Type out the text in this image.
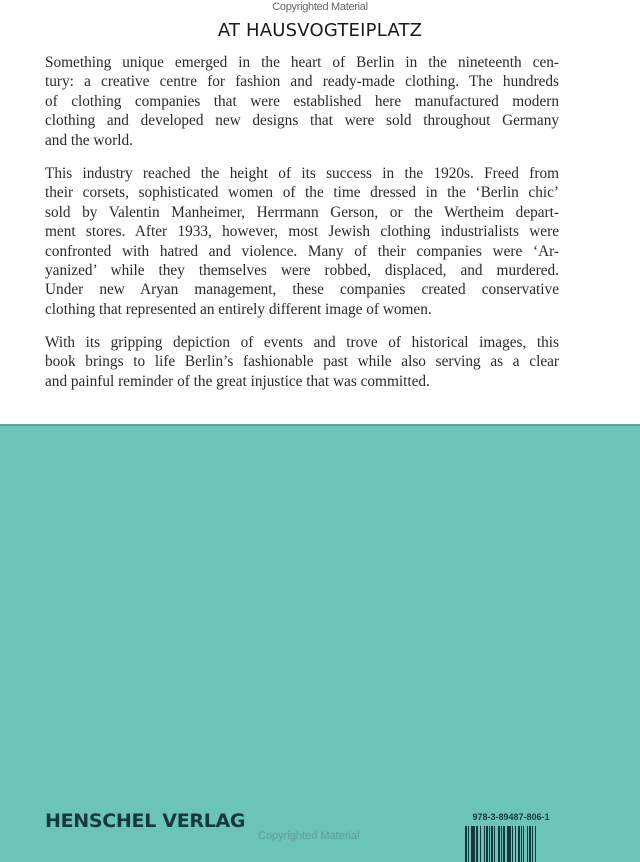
Copyrighted Material
AT HAUSVOGTEIPLATZ
Something unique emerged in the heart of Berlin in the nineteenth cen-
tury: a creative centre for fashion and ready-made clothing. The hundreds
of clothing companies that were established here manufactured modern
clothing and developed new designs that were sold throughout Germany
and the world.
This industry reached the height of its success in the 1920s. Freed from
their corsets, sophisticated women of the time dressed in the ‘Berlin chic’
sold by Valentin Manheimer, Herrmann Gerson, or the Wertheim depart-
ment stores. After 1933, however, most Jewish clothing industrialists were
confronted with hatred and violence. Many of their companies were ‘Ar-
yanized’ while they themselves were robbed, displaced, and murdered.
Under new Aryan management, these companies created conservative
clothing that represented an entirely different image of women.
With its gripping depiction of events and trove of historical images, this
book brings to life Berlin’s fashionable past while also serving as a clear
and painful reminder of the great injustice that was committed.
HENSCHEL VERLAG
Copyrighted Material
978-3-89487-806-1
